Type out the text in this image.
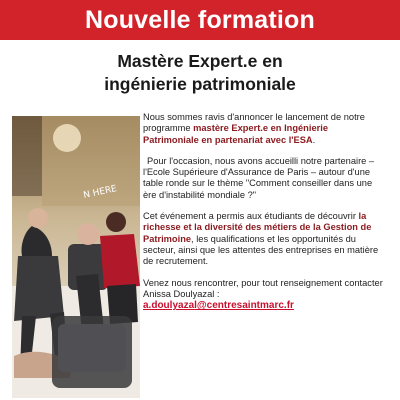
Nouvelle formation
Mastère Expert.e en
ingénierie patrimoniale
N HERE

Nous sommes ravis d'annoncer le lancement de notre programme mastère Expert.e en Ingénierie Patrimoniale en partenariat avec l'ESA.

Pour l'occasion, nous avons accueilli notre partenaire – l'Ecole Supérieure d'Assurance de Paris – autour d'une table ronde sur le thème "Comment conseiller dans une ère d'instabilité mondiale ?"

Cet événement a permis aux étudiants de découvrir la richesse et la diversité des métiers de la Gestion de Patrimoine, les qualifications et les opportunités du secteur, ainsi que les attentes des entreprises en matière de recrutement.

Venez nous rencontrer, pour tout renseignement contacter Anissa Doulyazal :

a.doulyazal@centresaintmarc.fr
